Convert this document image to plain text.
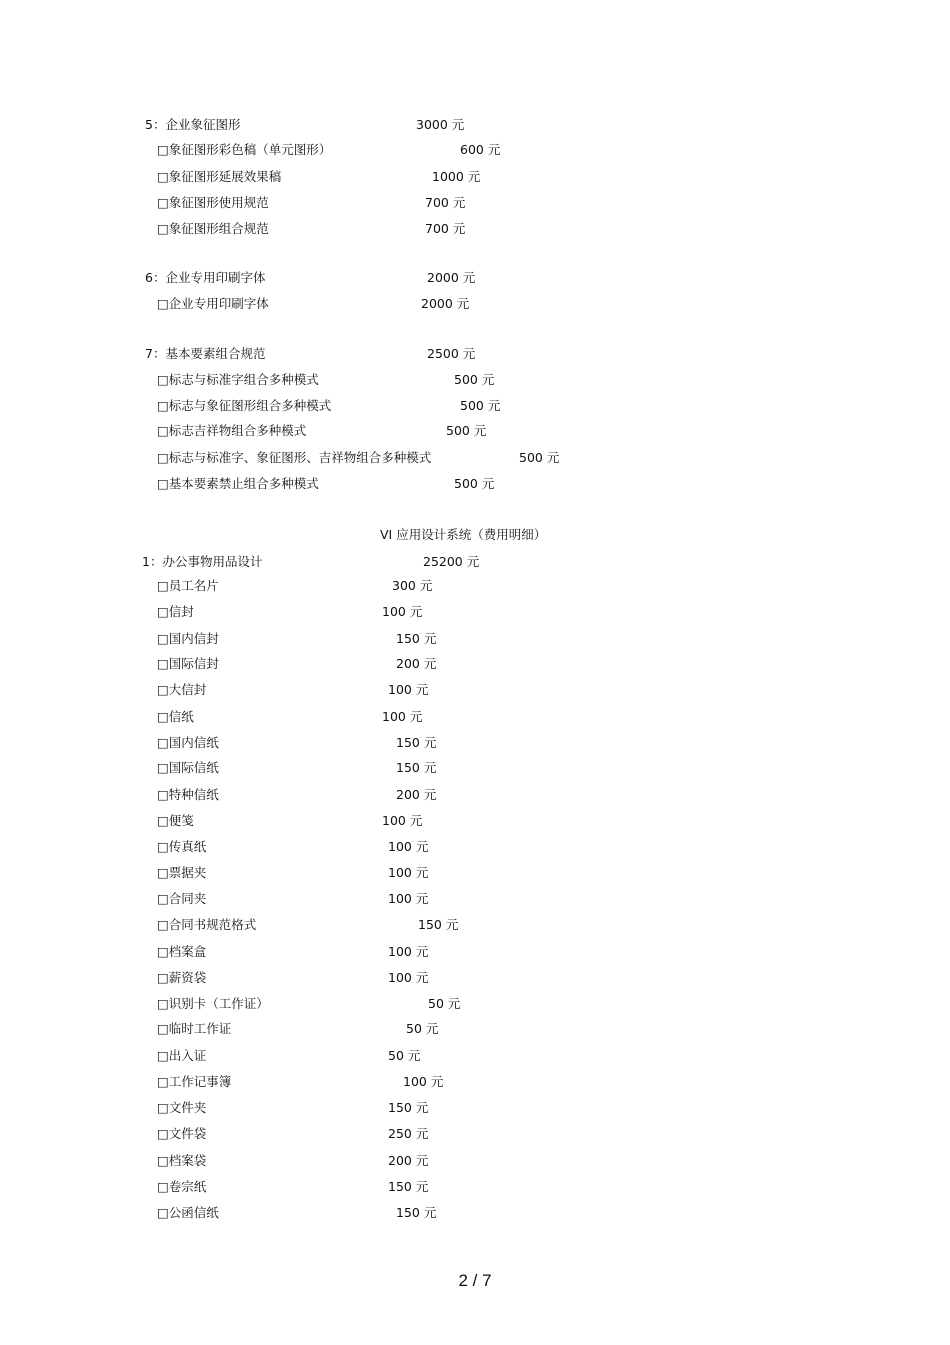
5：企业象征图形	3000 元
□象征图形彩色稿（单元图形）	600 元
□象征图形延展效果稿	1000 元
□象征图形使用规范	700 元
□象征图形组合规范	700 元
6：企业专用印刷字体	2000 元
□企业专用印刷字体	2000 元
7：基本要素组合规范	2500 元
□标志与标准字组合多种模式	500 元
□标志与象征图形组合多种模式	500 元
□标志吉祥物组合多种模式	500 元
□标志与标准字、象征图形、吉祥物组合多种模式	500 元
□基本要素禁止组合多种模式	500 元
VI 应用设计系统（费用明细）
1：办公事物用品设计	25200 元
□员工名片	300 元
□信封	100 元
□国内信封	150 元
□国际信封	200 元
□大信封	100 元
□信纸	100 元
□国内信纸	150 元
□国际信纸	150 元
□特种信纸	200 元
□便笺	100 元
□传真纸	100 元
□票据夹	100 元
□合同夹	100 元
□合同书规范格式	150 元
□档案盒	100 元
□薪资袋	100 元
□识别卡（工作证）	50 元
□临时工作证	50 元
□出入证	50 元
□工作记事簿	100 元
□文件夹	150 元
□文件袋	250 元
□档案袋	200 元
□卷宗纸	150 元
□公函信纸	150 元
2 / 7
